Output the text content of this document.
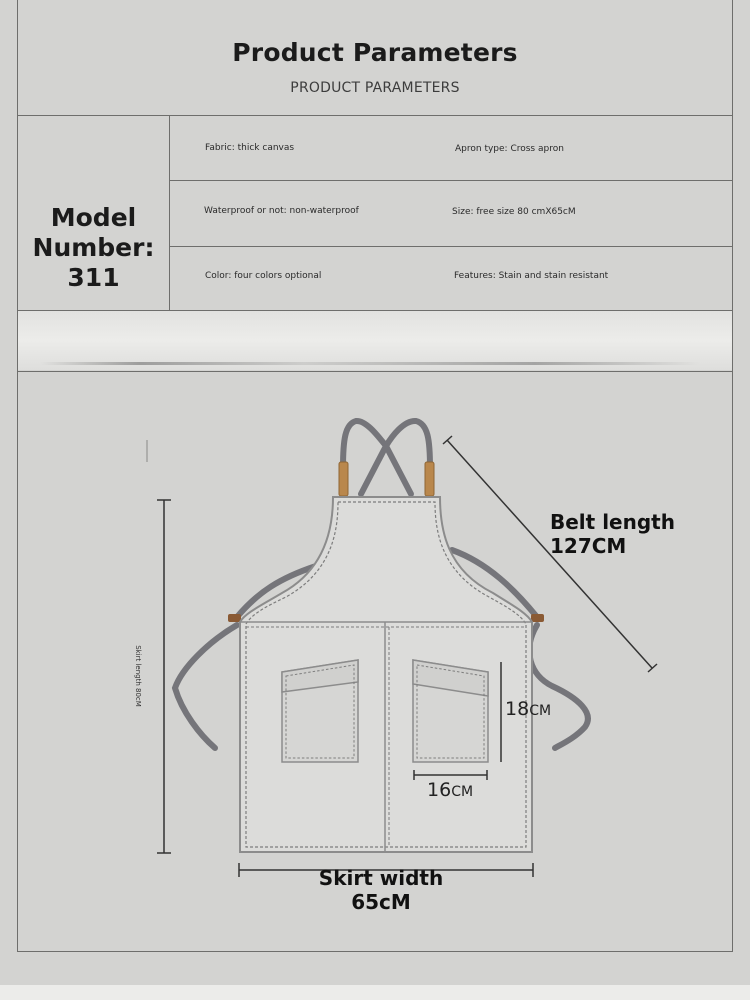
Product Parameters
PRODUCT PARAMETERS
Model
Number:
311
Fabric: thick canvas	Apron type: Cross apron
Waterproof or not: non-waterproof	Size: free size 80 cmX65cM
Color: four colors optional	Features: Stain and stain resistant
Skirt length 80cM
Belt length
127CM
18CM
16CM
Skirt width
65cM
